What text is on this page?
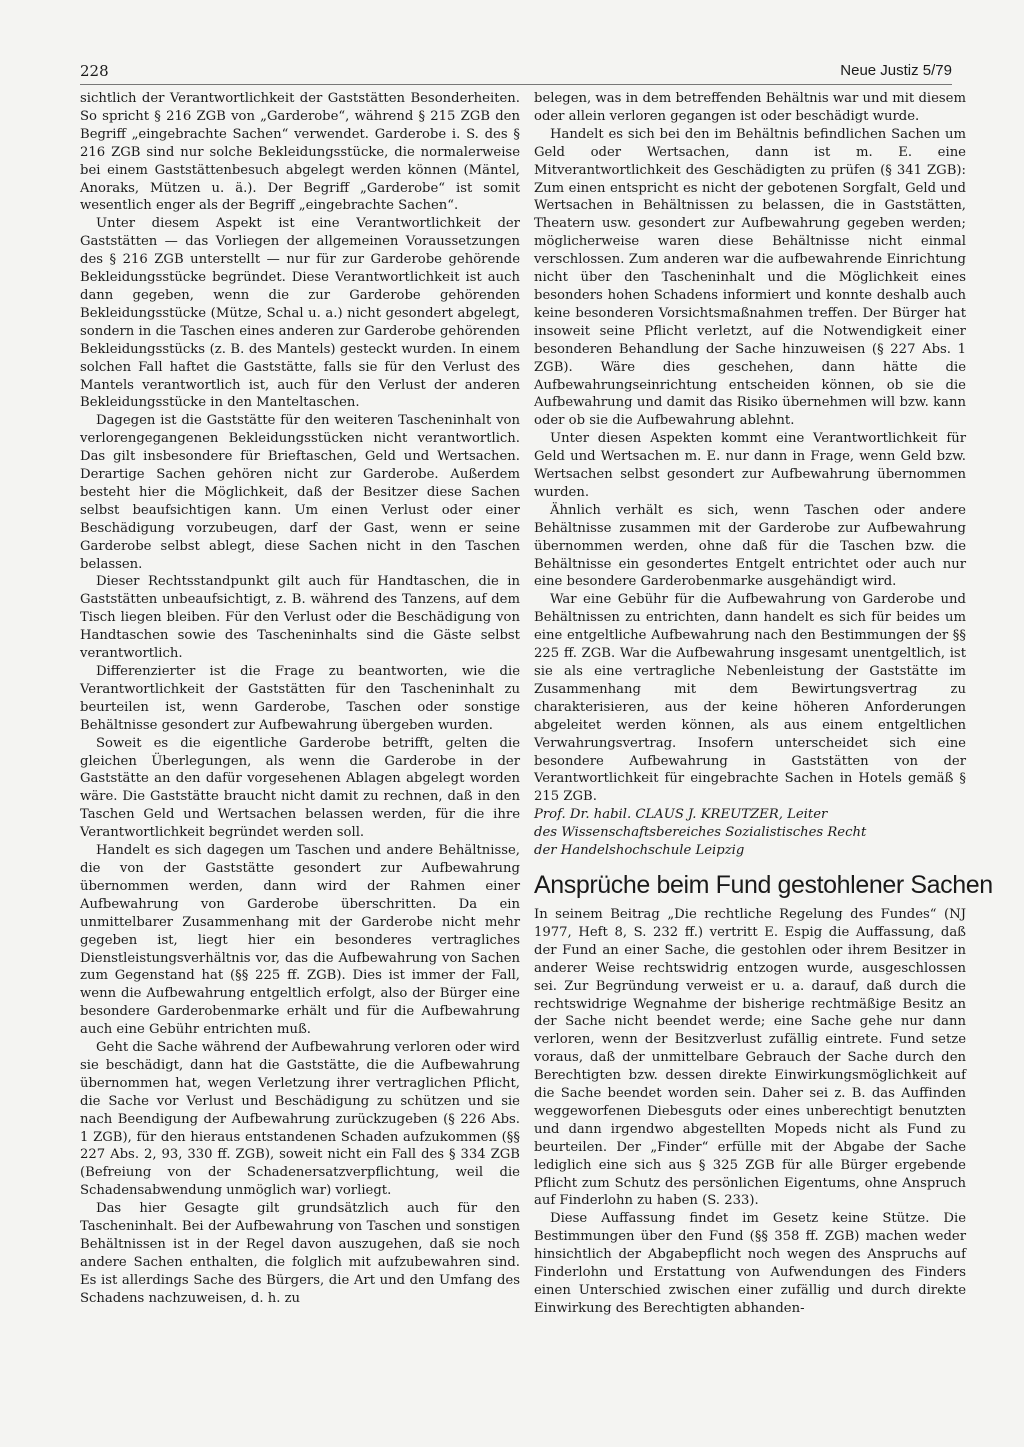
228	Neue Justiz 5/79

sichtlich der Verantwortlichkeit der Gaststätten Besonderheiten. So spricht § 216 ZGB von „Garderobe“, während § 215 ZGB den Begriff „eingebrachte Sachen“ verwendet. Garderobe i. S. des § 216 ZGB sind nur solche Bekleidungsstücke, die normalerweise bei einem Gaststättenbesuch abgelegt werden können (Mäntel, Anoraks, Mützen u. ä.). Der Begriff „Garderobe“ ist somit wesentlich enger als der Begriff „eingebrachte Sachen“.

Unter diesem Aspekt ist eine Verantwortlichkeit der Gaststätten — das Vorliegen der allgemeinen Voraussetzungen des § 216 ZGB unterstellt — nur für zur Garderobe gehörende Bekleidungsstücke begründet. Diese Verantwortlichkeit ist auch dann gegeben, wenn die zur Garderobe gehörenden Bekleidungsstücke (Mütze, Schal u. a.) nicht gesondert abgelegt, sondern in die Taschen eines anderen zur Garderobe gehörenden Bekleidungsstücks (z. B. des Mantels) gesteckt wurden. In einem solchen Fall haftet die Gaststätte, falls sie für den Verlust des Mantels verantwortlich ist, auch für den Verlust der anderen Bekleidungsstücke in den Manteltaschen.

Dagegen ist die Gaststätte für den weiteren Tascheninhalt von verlorengegangenen Bekleidungsstücken nicht verantwortlich. Das gilt insbesondere für Brieftaschen, Geld und Wertsachen. Derartige Sachen gehören nicht zur Garderobe. Außerdem besteht hier die Möglichkeit, daß der Besitzer diese Sachen selbst beaufsichtigen kann. Um einen Verlust oder einer Beschädigung vorzubeugen, darf der Gast, wenn er seine Garderobe selbst ablegt, diese Sachen nicht in den Taschen belassen.

Dieser Rechtsstandpunkt gilt auch für Handtaschen, die in Gaststätten unbeaufsichtigt, z. B. während des Tanzens, auf dem Tisch liegen bleiben. Für den Verlust oder die Beschädigung von Handtaschen sowie des Tascheninhalts sind die Gäste selbst verantwortlich.

Differenzierter ist die Frage zu beantworten, wie die Verantwortlichkeit der Gaststätten für den Tascheninhalt zu beurteilen ist, wenn Garderobe, Taschen oder sonstige Behältnisse gesondert zur Aufbewahrung übergeben wurden.

Soweit es die eigentliche Garderobe betrifft, gelten die gleichen Überlegungen, als wenn die Garderobe in der Gaststätte an den dafür vorgesehenen Ablagen abgelegt worden wäre. Die Gaststätte braucht nicht damit zu rechnen, daß in den Taschen Geld und Wertsachen belassen werden, für die ihre Verantwortlichkeit begründet werden soll.

Handelt es sich dagegen um Taschen und andere Behältnisse, die von der Gaststätte gesondert zur Aufbewahrung übernommen werden, dann wird der Rahmen einer Aufbewahrung von Garderobe überschritten. Da ein unmittelbarer Zusammenhang mit der Garderobe nicht mehr gegeben ist, liegt hier ein besonderes vertragliches Dienstleistungsverhältnis vor, das die Aufbewahrung von Sachen zum Gegenstand hat (§§ 225 ff. ZGB). Dies ist immer der Fall, wenn die Aufbewahrung entgeltlich erfolgt, also der Bürger eine besondere Garderobenmarke erhält und für die Aufbewahrung auch eine Gebühr entrichten muß.

Geht die Sache während der Aufbewahrung verloren oder wird sie beschädigt, dann hat die Gaststätte, die die Aufbewahrung übernommen hat, wegen Verletzung ihrer vertraglichen Pflicht, die Sache vor Verlust und Beschädigung zu schützen und sie nach Beendigung der Aufbewahrung zurückzugeben (§ 226 Abs. 1 ZGB), für den hieraus entstandenen Schaden aufzukommen (§§ 227 Abs. 2, 93, 330 ff. ZGB), soweit nicht ein Fall des § 334 ZGB (Befreiung von der Schadenersatzverpflichtung, weil die Schadensabwendung unmöglich war) vorliegt.

Das hier Gesagte gilt grundsätzlich auch für den Tascheninhalt. Bei der Aufbewahrung von Taschen und sonstigen Behältnissen ist in der Regel davon auszugehen, daß sie noch andere Sachen enthalten, die folglich mit aufzubewahren sind. Es ist allerdings Sache des Bürgers, die Art und den Umfang des Schadens nachzuweisen, d. h. zu

belegen, was in dem betreffenden Behältnis war und mit diesem oder allein verloren gegangen ist oder beschädigt wurde.

Handelt es sich bei den im Behältnis befindlichen Sachen um Geld oder Wertsachen, dann ist m. E. eine Mitverantwortlichkeit des Geschädigten zu prüfen (§ 341 ZGB): Zum einen entspricht es nicht der gebotenen Sorgfalt, Geld und Wertsachen in Behältnissen zu belassen, die in Gaststätten, Theatern usw. gesondert zur Aufbewahrung gegeben werden; möglicherweise waren diese Behältnisse nicht einmal verschlossen. Zum anderen war die aufbewahrende Einrichtung nicht über den Tascheninhalt und die Möglichkeit eines besonders hohen Schadens informiert und konnte deshalb auch keine besonderen Vorsichtsmaßnahmen treffen. Der Bürger hat insoweit seine Pflicht verletzt, auf die Notwendigkeit einer besonderen Behandlung der Sache hinzuweisen (§ 227 Abs. 1 ZGB). Wäre dies geschehen, dann hätte die Aufbewahrungseinrichtung entscheiden können, ob sie die Aufbewahrung und damit das Risiko übernehmen will bzw. kann oder ob sie die Aufbewahrung ablehnt.

Unter diesen Aspekten kommt eine Verantwortlichkeit für Geld und Wertsachen m. E. nur dann in Frage, wenn Geld bzw. Wertsachen selbst gesondert zur Aufbewahrung übernommen wurden.

Ähnlich verhält es sich, wenn Taschen oder andere Behältnisse zusammen mit der Garderobe zur Aufbewahrung übernommen werden, ohne daß für die Taschen bzw. die Behältnisse ein gesondertes Entgelt entrichtet oder auch nur eine besondere Garderobenmarke ausgehändigt wird.

War eine Gebühr für die Aufbewahrung von Garderobe und Behältnissen zu entrichten, dann handelt es sich für beides um eine entgeltliche Aufbewahrung nach den Bestimmungen der §§ 225 ff. ZGB. War die Aufbewahrung insgesamt unentgeltlich, ist sie als eine vertragliche Nebenleistung der Gaststätte im Zusammenhang mit dem Bewirtungsvertrag zu charakterisieren, aus der keine höheren Anforderungen abgeleitet werden können, als aus einem entgeltlichen Verwahrungsvertrag. Insofern unterscheidet sich eine besondere Aufbewahrung in Gaststätten von der Verantwortlichkeit für eingebrachte Sachen in Hotels gemäß § 215 ZGB.

Prof. Dr. habil. CLAUS J. KREUTZER, Leiter
des Wissenschaftsbereiches Sozialistisches Recht
der Handelshochschule Leipzig
Ansprüche beim Fund gestohlener Sachen

In seinem Beitrag „Die rechtliche Regelung des Fundes“ (NJ 1977, Heft 8, S. 232 ff.) vertritt E. Espig die Auffassung, daß der Fund an einer Sache, die gestohlen oder ihrem Besitzer in anderer Weise rechtswidrig entzogen wurde, ausgeschlossen sei. Zur Begründung verweist er u. a. darauf, daß durch die rechtswidrige Wegnahme der bisherige rechtmäßige Besitz an der Sache nicht beendet werde; eine Sache gehe nur dann verloren, wenn der Besitzverlust zufällig eintrete. Fund setze voraus, daß der unmittelbare Gebrauch der Sache durch den Berechtigten bzw. dessen direkte Einwirkungsmöglichkeit auf die Sache beendet worden sein. Daher sei z. B. das Auffinden weggeworfenen Diebesguts oder eines unberechtigt benutzten und dann irgendwo abgestellten Mopeds nicht als Fund zu beurteilen. Der „Finder“ erfülle mit der Abgabe der Sache lediglich eine sich aus § 325 ZGB für alle Bürger ergebende Pflicht zum Schutz des persönlichen Eigentums, ohne Anspruch auf Finderlohn zu haben (S. 233).

Diese Auffassung findet im Gesetz keine Stütze. Die Bestimmungen über den Fund (§§ 358 ff. ZGB) machen weder hinsichtlich der Abgabepflicht noch wegen des Anspruchs auf Finderlohn und Erstattung von Aufwendungen des Finders einen Unterschied zwischen einer zufällig und durch direkte Einwirkung des Berechtigten abhanden-
